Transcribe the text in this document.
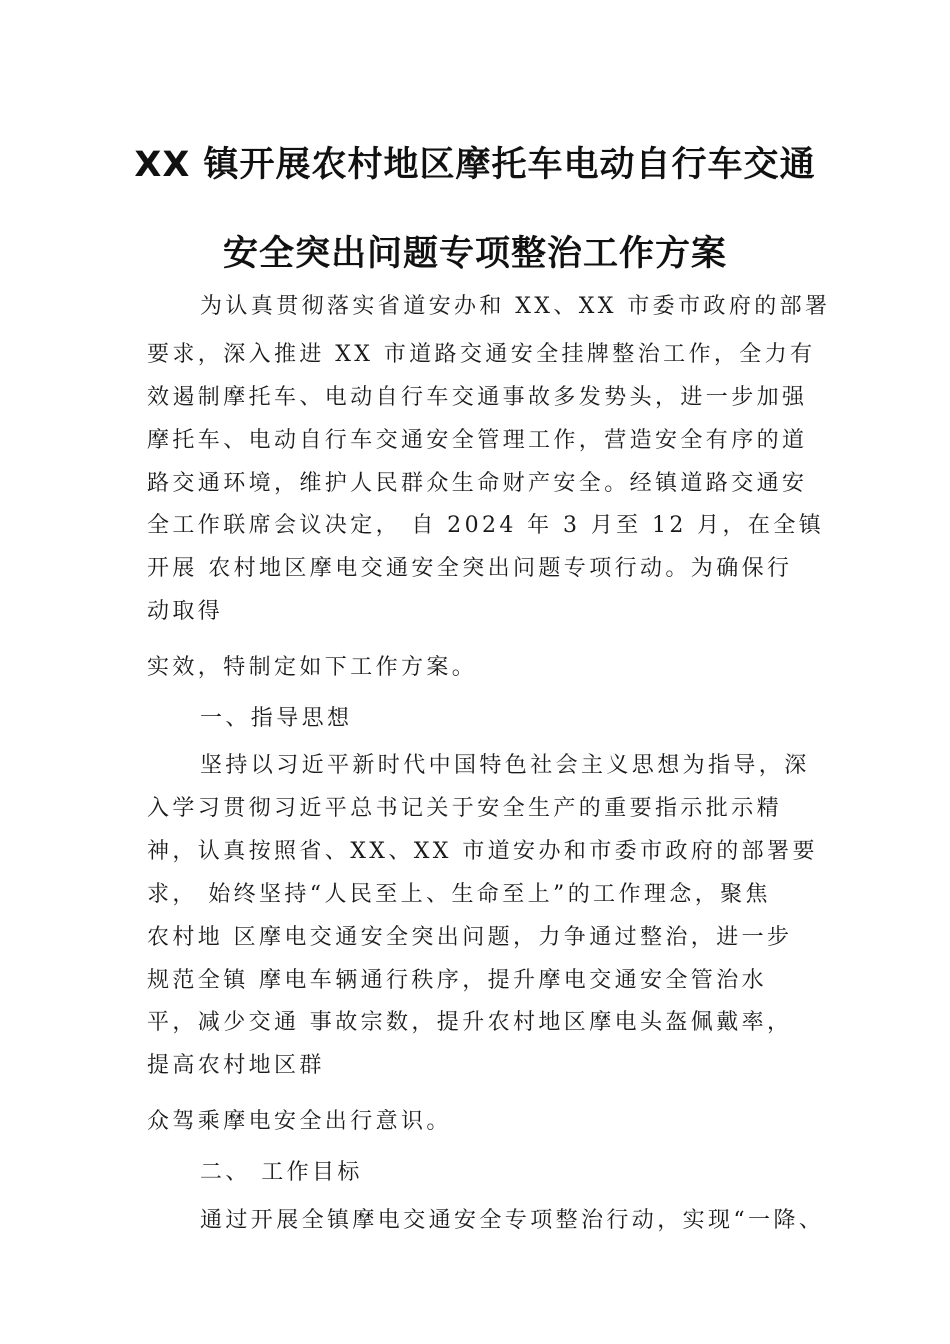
XX 镇开展农村地区摩托车电动自行车交通
安全突出问题专项整治工作方案
为认真贯彻落实省道安办和 XX、XX 市委市政府的部署
要求，深入推进 XX 市道路交通安全挂牌整治工作，全力有
效遏制摩托车、电动自行车交通事故多发势头，进一步加强
摩托车、电动自行车交通安全管理工作，营造安全有序的道
路交通环境，维护人民群众生命财产安全。经镇道路交通安
全工作联席会议决定， 自 2024 年 3 月至 12 月，在全镇
开展 农村地区摩电交通安全突出问题专项行动。为确保行
动取得
实效，特制定如下工作方案。
一、指导思想
坚持以习近平新时代中国特色社会主义思想为指导，深
入学习贯彻习近平总书记关于安全生产的重要指示批示精
神，认真按照省、XX、XX 市道安办和市委市政府的部署要
求， 始终坚持“人民至上、生命至上”的工作理念，聚焦
农村地 区摩电交通安全突出问题，力争通过整治，进一步
规范全镇 摩电车辆通行秩序，提升摩电交通安全管治水
平，减少交通 事故宗数，提升农村地区摩电头盔佩戴率，
提高农村地区群
众驾乘摩电安全出行意识。
二、 工作目标
通过开展全镇摩电交通安全专项整治行动，实现“一降、
